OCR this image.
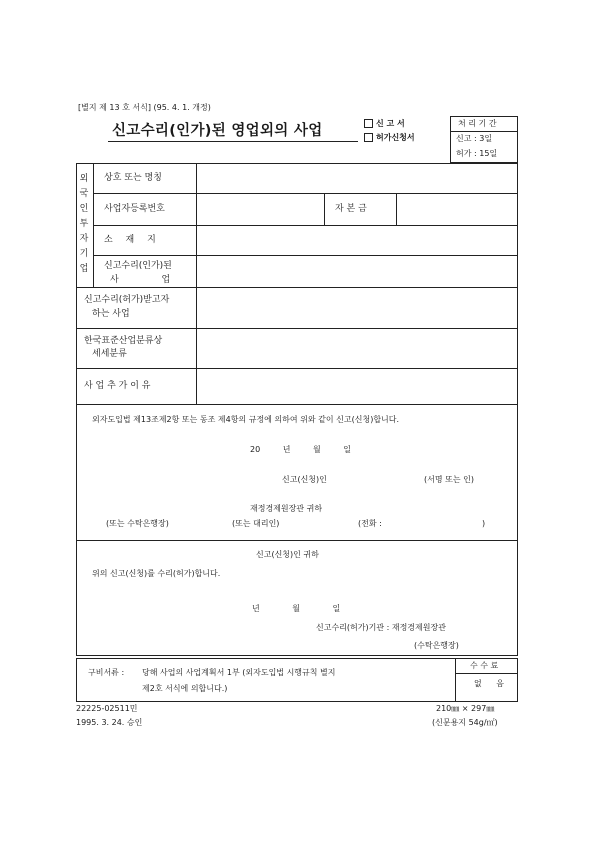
[별지 제 13 호 서식] (95. 4. 1. 개정)
신고수리(인가)된 영업외의 사업	신 고 서
허가신청서
처 리 기 간
신고 : 3일
허가 : 15일
외
국
인
투
자
기
업
상호 또는 명칭
사업자등록번호	자 본 금
소 재 지
신고수리(인가)된
사 업
신고수리(허가)받고자
하는 사업
한국표준산업분류상
세세분류
사 업 추 가 이 유
외자도입법 제13조제2항 또는 동조 제4항의 규정에 의하여 위와 같이 신고(신청)합니다.
20 년 월 일
신고(신청)인	(서명 또는 인)
재정경제원장관 귀하
(또는 수탁은행장)	(또는 대리인)	(전화 :	)
신고(신청)인 귀하
위의 신고(신청)를 수리(허가)합니다.
년 월 일
신고수리(허가)기관 : 재정경제원장관
(수탁은행장)
구비서류 : 당해 사업의 사업계획서 1부 (외자도입법 시행규칙 별지
제2호 서식에 의합니다.)
수 수 료
없 음
22225-02511민
1995. 3. 24. 승인
210㎜ × 297㎜
(신문용지 54g/㎡)
